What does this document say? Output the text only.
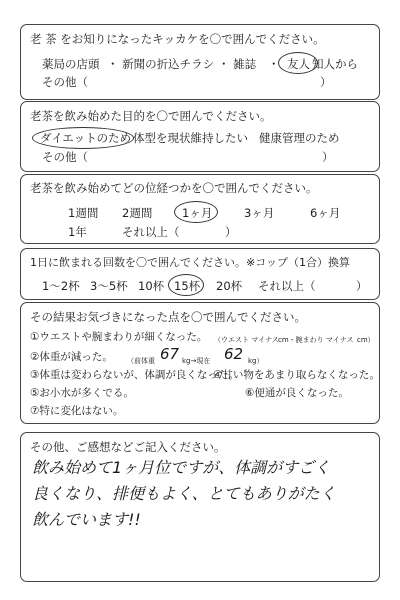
老 茶 をお知りになったキッカケを〇で囲んでください。
薬局の店頭 ・ 新聞の折込チラシ ・ 雑誌 ・ 友人 知人から
その他（	）
老茶を飲み始めた目的を〇で囲んでください。
ダイエットのため 体型を現状維持したい 健康管理のため
その他（	）
老茶を飲み始めてどの位経つかを〇で囲んでください。
1週間 2週間	1ヶ月	3ヶ月	6ヶ月
1年	それ以上（	）
1日に飲まれる回数を〇で囲んでください。※コップ（1合）換算
1～2杯 3～5杯 10杯 15杯 20杯 それ以上（	）
その結果お気づきになった点を〇で囲んでください。
①ウエストや腕まわりが細くなった。 （ウエスト マイナス cm・腕まわり マイナス cm）
②体重が減った。 （前体重 67 kg→現在 62 kg）
③体重は変わらないが、体調が良くなった。
④甘い物をあまり取らなくなった。
⑤お小水が多くでる。	⑥便通が良くなった。
⑦特に変化はない。
その他、ご感想などご記入ください。
飲み始めて1ヶ月位ですが、体調がすごく
良くなり、排便もよく、とてもありがたく
飲んでいます!!
